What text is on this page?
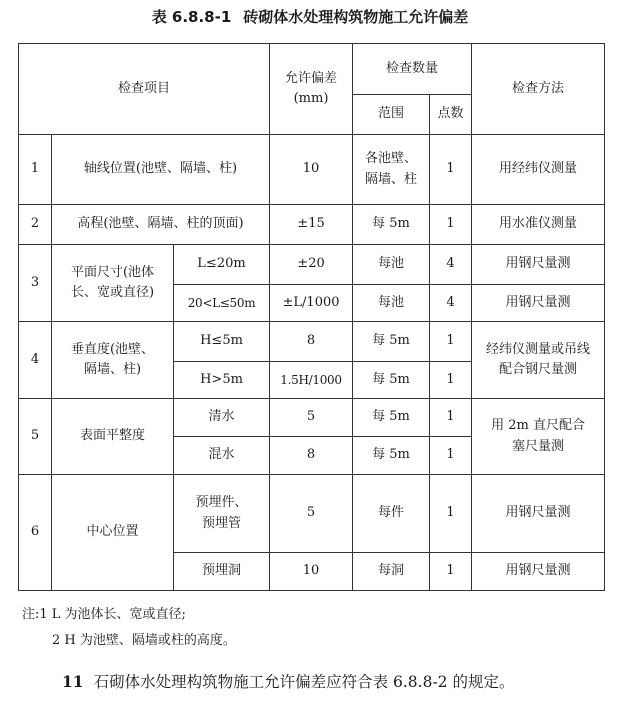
表 6.8.8-1 砖砌体水处理构筑物施工允许偏差
检查项目			允许偏差
(mm)	检查数量		检查方法
				范围	点数	
1	轴线位置(池壁、隔墙、柱)		10	各池壁、
隔墙、柱	1	用经纬仪测量
2	高程(池壁、隔墙、柱的顶面)		±15	每 5m	1	用水准仪测量
3	平面尺寸(池体
长、宽或直径)	L≤20m	±20	每池	4	用钢尺量测
		20<L≤50m	±L/1000	每池	4	用钢尺量测
4	垂直度(池壁、
隔墙、柱)	H≤5m	8	每 5m	1	经纬仪测量或吊线
配合钢尺量测
		H>5m	1.5H/1000	每 5m	1	
5	表面平整度	清水	5	每 5m	1	用 2m 直尺配合
塞尺量测
		混水	8	每 5m	1	
6	中心位置	预埋件、
预埋管	5	每件	1	用钢尺量测
		预埋洞	10	每洞	1	用钢尺量测
注:1 L 为池体长、宽或直径;
2 H 为池壁、隔墙或柱的高度。
11 石砌体水处理构筑物施工允许偏差应符合表 6.8.8-2 的规定。
